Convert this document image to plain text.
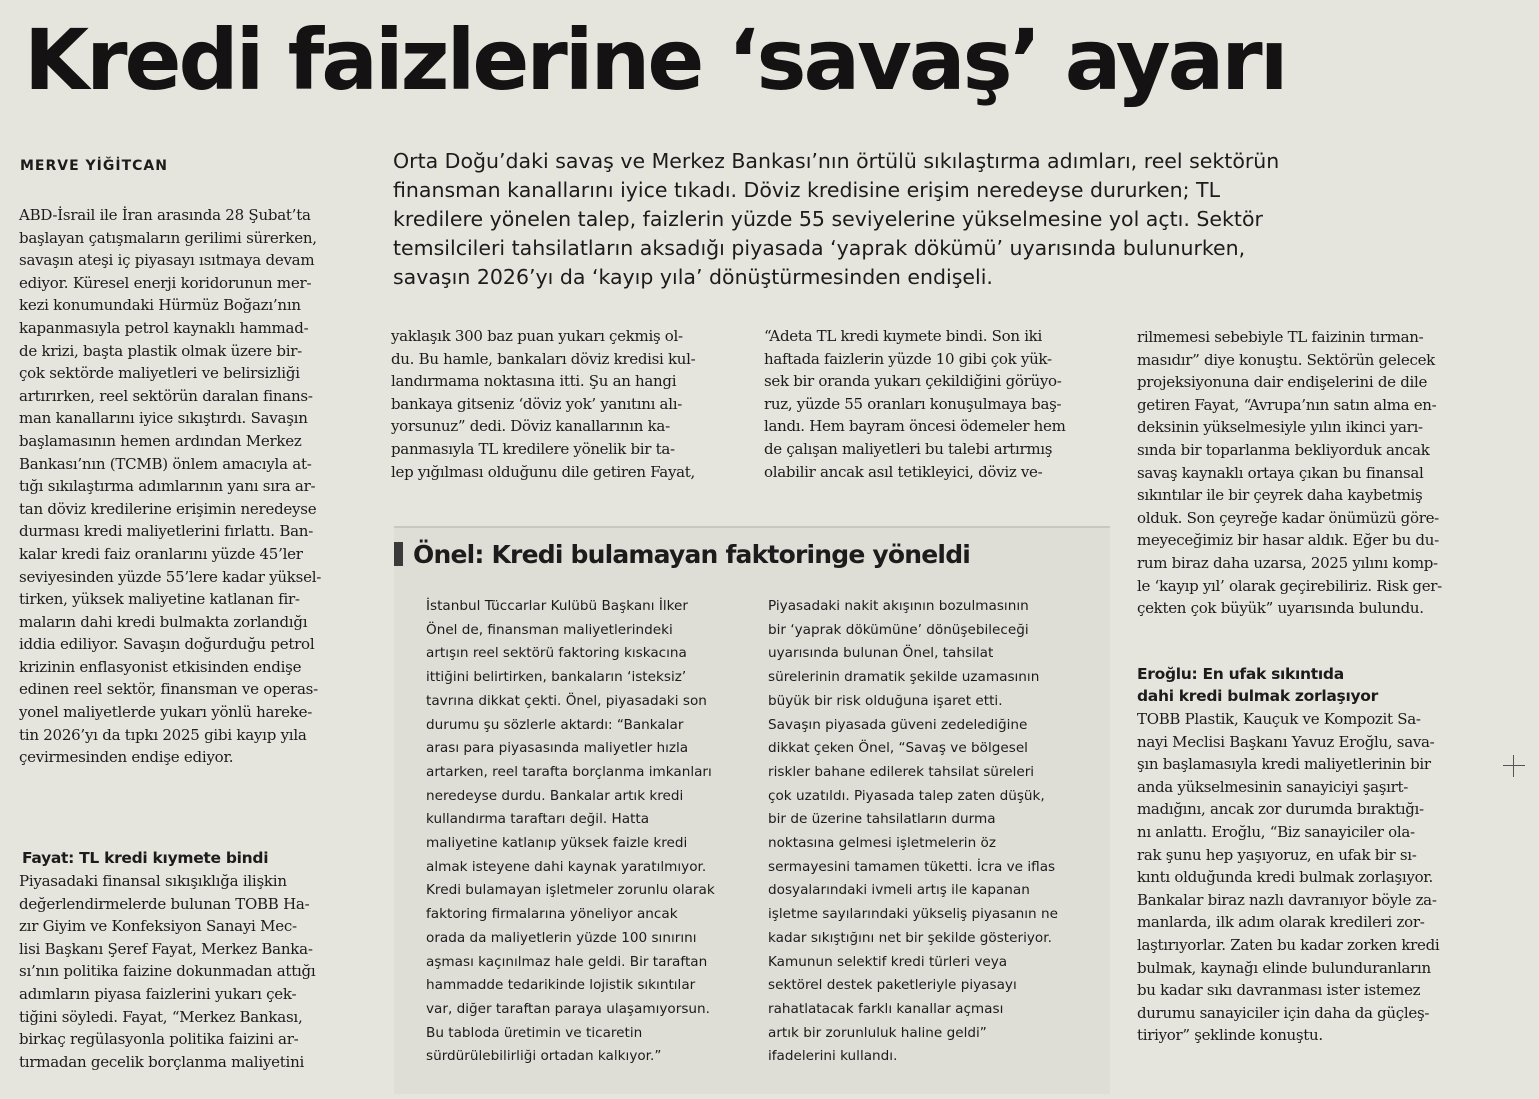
Kredi faizlerine ‘savaş’ ayarı
MERVE YİĞİTCAN	Orta Doğu’daki savaş ve Merkez Bankası’nın örtülü sıkılaştırma adımları, reel sektörün
finansman kanallarını iyice tıkadı. Döviz kredisine erişim neredeyse dururken; TL
kredilere yönelen talep, faizlerin yüzde 55 seviyelerine yükselmesine yol açtı. Sektör
temsilcileri tahsilatların aksadığı piyasada ‘yaprak dökümü’ uyarısında bulunurken,
savaşın 2026’yı da ‘kayıp yıla’ dönüştürmesinden endişeli.
ABD-İsrail ile İran arasında 28 Şubat’ta
başlayan çatışmaların gerilimi sürerken,
savaşın ateşi iç piyasayı ısıtmaya devam
ediyor. Küresel enerji koridorunun mer-
kezi konumundaki Hürmüz Boğazı’nın
kapanmasıyla petrol kaynaklı hammad-
de krizi, başta plastik olmak üzere bir-
çok sektörde maliyetleri ve belirsizliği
artırırken, reel sektörün daralan finans-
man kanallarını iyice sıkıştırdı. Savaşın
başlamasının hemen ardından Merkez
Bankası’nın (TCMB) önlem amacıyla at-
tığı sıkılaştırma adımlarının yanı sıra ar-
tan döviz kredilerine erişimin neredeyse
durması kredi maliyetlerini fırlattı. Ban-
kalar kredi faiz oranlarını yüzde 45’ler
seviyesinden yüzde 55’lere kadar yüksel-
tirken, yüksek maliyetine katlanan fir-
maların dahi kredi bulmakta zorlandığı
iddia ediliyor. Savaşın doğurduğu petrol
krizinin enflasyonist etkisinden endişe
edinen reel sektör, finansman ve operas-
yonel maliyetlerde yukarı yönlü hareke-
tin 2026’yı da tıpkı 2025 gibi kayıp yıla
çevirmesinden endişe ediyor.
Fayat: TL kredi kıymete bindi
Piyasadaki finansal sıkışıklığa ilişkin
değerlendirmelerde bulunan TOBB Ha-
zır Giyim ve Konfeksiyon Sanayi Mec-
lisi Başkanı Şeref Fayat, Merkez Banka-
sı’nın politika faizine dokunmadan attığı
adımların piyasa faizlerini yukarı çek-
tiğini söyledi. Fayat, “Merkez Bankası,
birkaç regülasyonla politika faizini ar-
tırmadan gecelik borçlanma maliyetini
yaklaşık 300 baz puan yukarı çekmiş ol-
du. Bu hamle, bankaları döviz kredisi kul-
landırmama noktasına itti. Şu an hangi
bankaya gitseniz ‘döviz yok’ yanıtını alı-
yorsunuz” dedi. Döviz kanallarının ka-
panmasıyla TL kredilere yönelik bir ta-
lep yığılması olduğunu dile getiren Fayat,
“Adeta TL kredi kıymete bindi. Son iki
haftada faizlerin yüzde 10 gibi çok yük-
sek bir oranda yukarı çekildiğini görüyo-
ruz, yüzde 55 oranları konuşulmaya baş-
landı. Hem bayram öncesi ödemeler hem
de çalışan maliyetleri bu talebi artırmış
olabilir ancak asıl tetikleyici, döviz ve-
rilmemesi sebebiyle TL faizinin tırman-
masıdır” diye konuştu. Sektörün gelecek
projeksiyonuna dair endişelerini de dile
getiren Fayat, “Avrupa’nın satın alma en-
deksinin yükselmesiyle yılın ikinci yarı-
sında bir toparlanma bekliyorduk ancak
savaş kaynaklı ortaya çıkan bu finansal
sıkıntılar ile bir çeyrek daha kaybetmiş
olduk. Son çeyreğe kadar önümüzü göre-
meyeceğimiz bir hasar aldık. Eğer bu du-
rum biraz daha uzarsa, 2025 yılını komp-
le ‘kayıp yıl’ olarak geçirebiliriz. Risk ger-
çekten çok büyük” uyarısında bulundu.
Eroğlu: En ufak sıkıntıda
dahi kredi bulmak zorlaşıyor
TOBB Plastik, Kauçuk ve Kompozit Sa-
nayi Meclisi Başkanı Yavuz Eroğlu, sava-
şın başlamasıyla kredi maliyetlerinin bir
anda yükselmesinin sanayiciyi şaşırt-
madığını, ancak zor durumda bıraktığı-
nı anlattı. Eroğlu, “Biz sanayiciler ola-
rak şunu hep yaşıyoruz, en ufak bir sı-
kıntı olduğunda kredi bulmak zorlaşıyor.
Bankalar biraz nazlı davranıyor böyle za-
manlarda, ilk adım olarak kredileri zor-
laştırıyorlar. Zaten bu kadar zorken kredi
bulmak, kaynağı elinde bulunduranların
bu kadar sıkı davranması ister istemez
durumu sanayiciler için daha da güçleş-
tiriyor” şeklinde konuştu.
Önel: Kredi bulamayan faktoringe yöneldi
İstanbul Tüccarlar Kulübü Başkanı İlker
Önel de, finansman maliyetlerindeki
artışın reel sektörü faktoring kıskacına
ittiğini belirtirken, bankaların ‘isteksiz’
tavrına dikkat çekti. Önel, piyasadaki son
durumu şu sözlerle aktardı: “Bankalar
arası para piyasasında maliyetler hızla
artarken, reel tarafta borçlanma imkanları
neredeyse durdu. Bankalar artık kredi
kullandırma taraftarı değil. Hatta
maliyetine katlanıp yüksek faizle kredi
almak isteyene dahi kaynak yaratılmıyor.
Kredi bulamayan işletmeler zorunlu olarak
faktoring firmalarına yöneliyor ancak
orada da maliyetlerin yüzde 100 sınırını
aşması kaçınılmaz hale geldi. Bir taraftan
hammadde tedarikinde lojistik sıkıntılar
var, diğer taraftan paraya ulaşamıyorsun.
Bu tabloda üretimin ve ticaretin
sürdürülebilirliği ortadan kalkıyor.”
Piyasadaki nakit akışının bozulmasının
bir ‘yaprak dökümüne’ dönüşebileceği
uyarısında bulunan Önel, tahsilat
sürelerinin dramatik şekilde uzamasının
büyük bir risk olduğuna işaret etti.
Savaşın piyasada güveni zedelediğine
dikkat çeken Önel, “Savaş ve bölgesel
riskler bahane edilerek tahsilat süreleri
çok uzatıldı. Piyasada talep zaten düşük,
bir de üzerine tahsilatların durma
noktasına gelmesi işletmelerin öz
sermayesini tamamen tüketti. İcra ve iflas
dosyalarındaki ivmeli artış ile kapanan
işletme sayılarındaki yükseliş piyasanın ne
kadar sıkıştığını net bir şekilde gösteriyor.
Kamunun selektif kredi türleri veya
sektörel destek paketleriyle piyasayı
rahatlatacak farklı kanallar açması
artık bir zorunluluk haline geldi”
ifadelerini kullandı.
